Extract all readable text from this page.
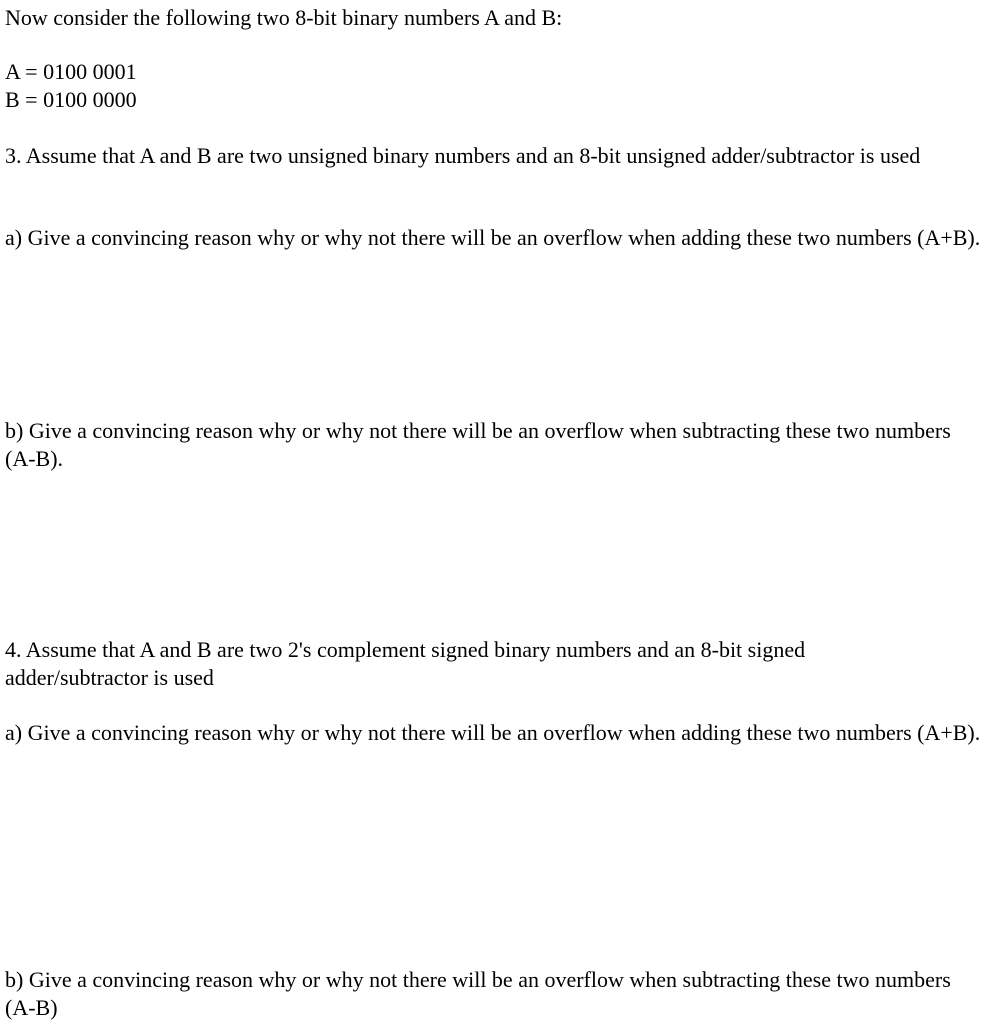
Now consider the following two 8-bit binary numbers A and B:
A = 0100 0001
B = 0100 0000
3. Assume that A and B are two unsigned binary numbers and an 8-bit unsigned adder/subtractor is used
a) Give a convincing reason why or why not there will be an overflow when adding these two numbers (A+B).
b) Give a convincing reason why or why not there will be an overflow when subtracting these two numbers (A-B).
4. Assume that A and B are two 2's complement signed binary numbers and an 8-bit signed adder/subtractor is used
a) Give a convincing reason why or why not there will be an overflow when adding these two numbers (A+B).
b) Give a convincing reason why or why not there will be an overflow when subtracting these two numbers (A-B)
